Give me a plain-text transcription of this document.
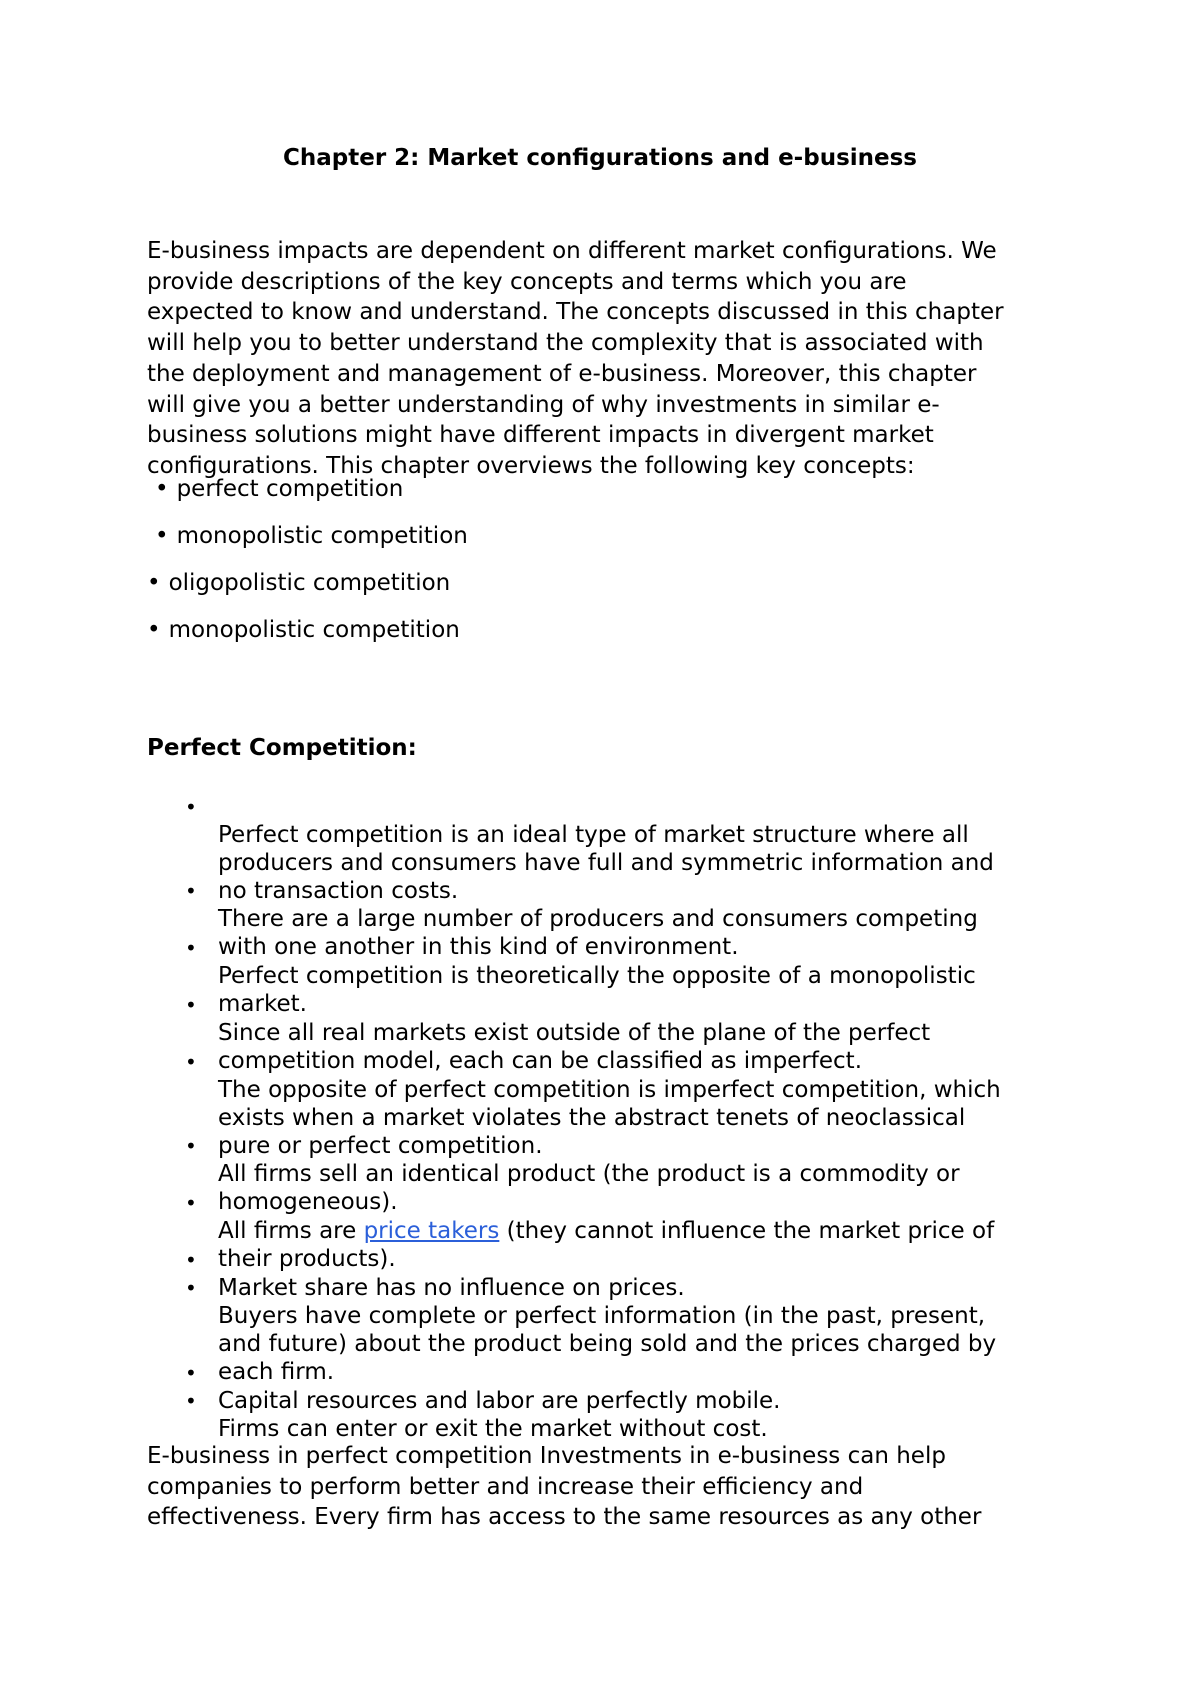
Chapter 2: Market configurations and e-business

E-business impacts are dependent on different market configurations. We
provide descriptions of the key concepts and terms which you are
expected to know and understand. The concepts discussed in this chapter
will help you to better understand the complexity that is associated with
the deployment and management of e-business. Moreover, this chapter
will give you a better understanding of why investments in similar e-
business solutions might have different impacts in divergent market
configurations. This chapter overviews the following key concepts:

• perfect competition
• monopolistic competition
• oligopolistic competition
• monopolistic competition
Perfect Competition:

•
Perfect competition is an ideal type of market structure where all
producers and consumers have full and symmetric information and
no transaction costs.

•
There are a large number of producers and consumers competing
with one another in this kind of environment.

•
Perfect competition is theoretically the opposite of a monopolistic
market.

•
Since all real markets exist outside of the plane of the perfect
competition model, each can be classified as imperfect.

•
The opposite of perfect competition is imperfect competition, which
exists when a market violates the abstract tenets of neoclassical
pure or perfect competition.

•
All firms sell an identical product (the product is a commodity or
homogeneous).

•
All firms are price takers (they cannot influence the market price of
their products).

•
Market share has no influence on prices.

•
Buyers have complete or perfect information (in the past, present,
and future) about the product being sold and the prices charged by
each firm.

•
Capital resources and labor are perfectly mobile.

•
Firms can enter or exit the market without cost.

E-business in perfect competition Investments in e-business can help
companies to perform better and increase their efficiency and
effectiveness. Every firm has access to the same resources as any other
